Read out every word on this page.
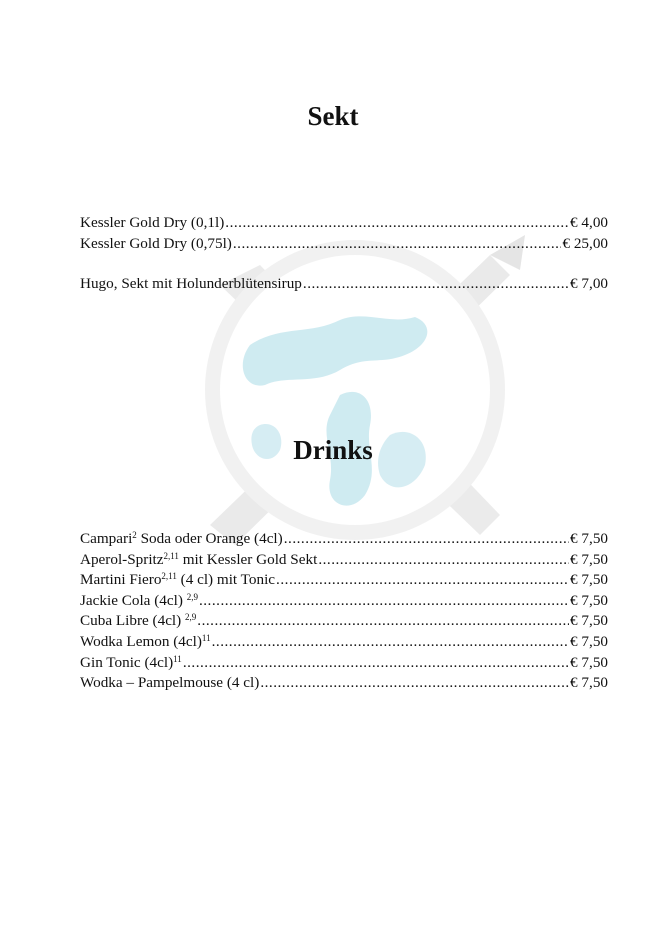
Sekt
Kessler Gold Dry (0,1l) .....	€ 4,00
Kessler Gold Dry (0,75l) .....	€ 25,00
Hugo, Sekt mit Holunderblütensirup .....	€ 7,00
Drinks
Campari$^2$ Soda oder Orange (4cl) .....	€ 7,50
Aperol-Spritz$^{2,11}$ mit Kessler Gold Sekt .....	€ 7,50
Martini Fiero$^{2,11}$ (4 cl) mit Tonic .....	€ 7,50
Jackie Cola (4cl) $^{2,9}$ .....	€ 7,50
Cuba Libre (4cl) $^{2,9}$ .....	€ 7,50
Wodka Lemon $(4cl)^{11}$ .....	€ 7,50
Gin Tonic $(4cl)^{11}$ .....	€ 7,50
Wodka – Pampelmouse (4 cl) .....	€ 7,50
